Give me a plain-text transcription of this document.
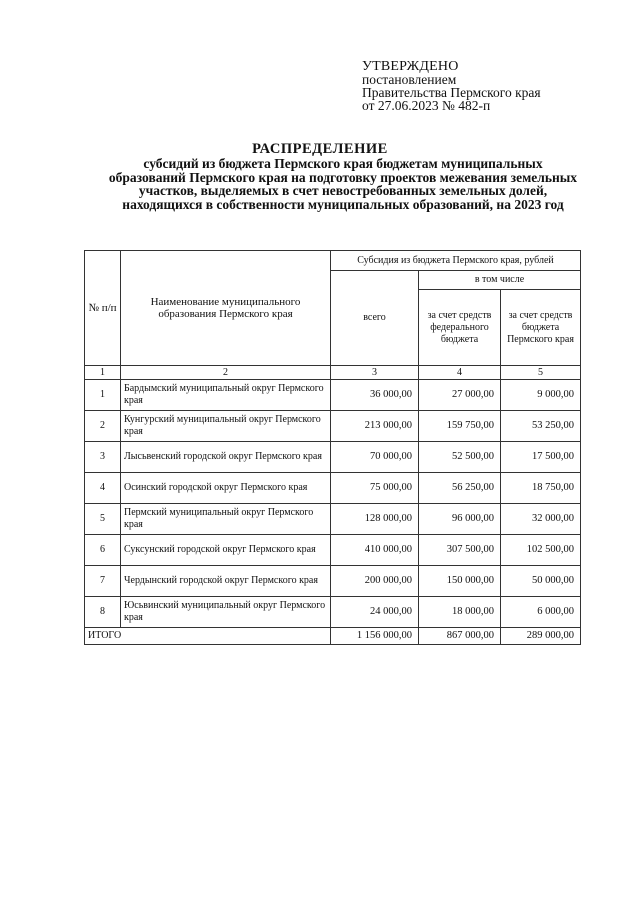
УТВЕРЖДЕНО
постановлением
Правительства Пермского края
от 27.06.2023 № 482-п
РАСПРЕДЕЛЕНИЕ
субсидий из бюджета Пермского края бюджетам муниципальных образований Пермского края на подготовку проектов межевания земельных участков, выделяемых в счет невостребованных земельных долей, находящихся в собственности муниципальных образований, на 2023 год
№ п/п	Наименование муниципального образования Пермского края	Субсидия из бюджета Пермского края, рублей		
		всего	в том числе	
			за счет средств федерального бюджета	за счет средств бюджета Пермского края
1	2	3	4	5
1	Бардымский муниципальный округ Пермского края	36 000,00	27 000,00	9 000,00
2	Кунгурский муниципальный округ Пермского края	213 000,00	159 750,00	53 250,00
3	Лысьвенский городской округ Пермского края	70 000,00	52 500,00	17 500,00
4	Осинский городской округ Пермского края	75 000,00	56 250,00	18 750,00
5	Пермский муниципальный округ Пермского края	128 000,00	96 000,00	32 000,00
6	Суксунский городской округ Пермского края	410 000,00	307 500,00	102 500,00
7	Чердынский городской округ Пермского края	200 000,00	150 000,00	50 000,00
8	Юсьвинский муниципальный округ Пермского края	24 000,00	18 000,00	6 000,00
ИТОГО		1 156 000,00	867 000,00	289 000,00
